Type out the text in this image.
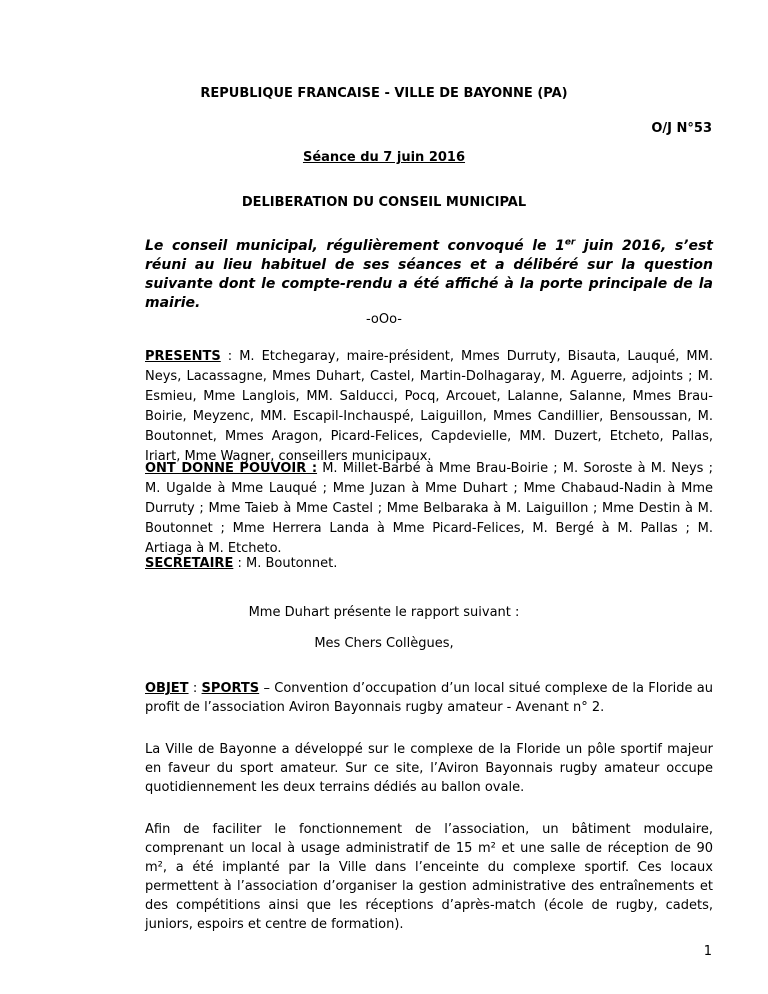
REPUBLIQUE FRANCAISE - VILLE DE BAYONNE (PA)
O/J N°53
Séance du 7 juin 2016
DELIBERATION DU CONSEIL MUNICIPAL
Le conseil municipal, régulièrement convoqué le 1er juin 2016, s’est réuni au lieu habituel de ses séances et a délibéré sur la question suivante dont le compte-rendu a été affiché à la porte principale de la mairie.
-oOo-
PRESENTS : M. Etchegaray, maire-président, Mmes Durruty, Bisauta, Lauqué, MM. Neys, Lacassagne, Mmes Duhart, Castel, Martin-Dolhagaray, M. Aguerre, adjoints ; M. Esmieu, Mme Langlois, MM. Salducci, Pocq, Arcouet, Lalanne, Salanne, Mmes Brau-Boirie, Meyzenc, MM. Escapil-Inchauspé, Laiguillon, Mmes Candillier, Bensoussan, M. Boutonnet, Mmes Aragon, Picard-Felices, Capdevielle, MM. Duzert, Etcheto, Pallas, Iriart, Mme Wagner, conseillers municipaux.
ONT DONNE POUVOIR : M. Millet-Barbé à Mme Brau-Boirie ; M. Soroste à M. Neys ; M. Ugalde à Mme Lauqué ; Mme Juzan à Mme Duhart ; Mme Chabaud-Nadin à Mme Durruty ; Mme Taieb à Mme Castel ; Mme Belbaraka à M. Laiguillon ; Mme Destin à M. Boutonnet ; Mme Herrera Landa à Mme Picard-Felices, M. Bergé à M. Pallas ; M. Artiaga à M. Etcheto.
SECRETAIRE : M. Boutonnet.
Mme Duhart présente le rapport suivant :
Mes Chers Collègues,
OBJET : SPORTS – Convention d’occupation d’un local situé complexe de la Floride au profit de l’association Aviron Bayonnais rugby amateur - Avenant n° 2.
La Ville de Bayonne a développé sur le complexe de la Floride un pôle sportif majeur en faveur du sport amateur. Sur ce site, l’Aviron Bayonnais rugby amateur occupe quotidiennement les deux terrains dédiés au ballon ovale.
Afin de faciliter le fonctionnement de l’association, un bâtiment modulaire, comprenant un local à usage administratif de 15 m² et une salle de réception de 90 m², a été implanté par la Ville dans l’enceinte du complexe sportif. Ces locaux permettent à l’association d’organiser la gestion administrative des entraînements et des compétitions ainsi que les réceptions d’après-match (école de rugby, cadets, juniors, espoirs et centre de formation).
1
